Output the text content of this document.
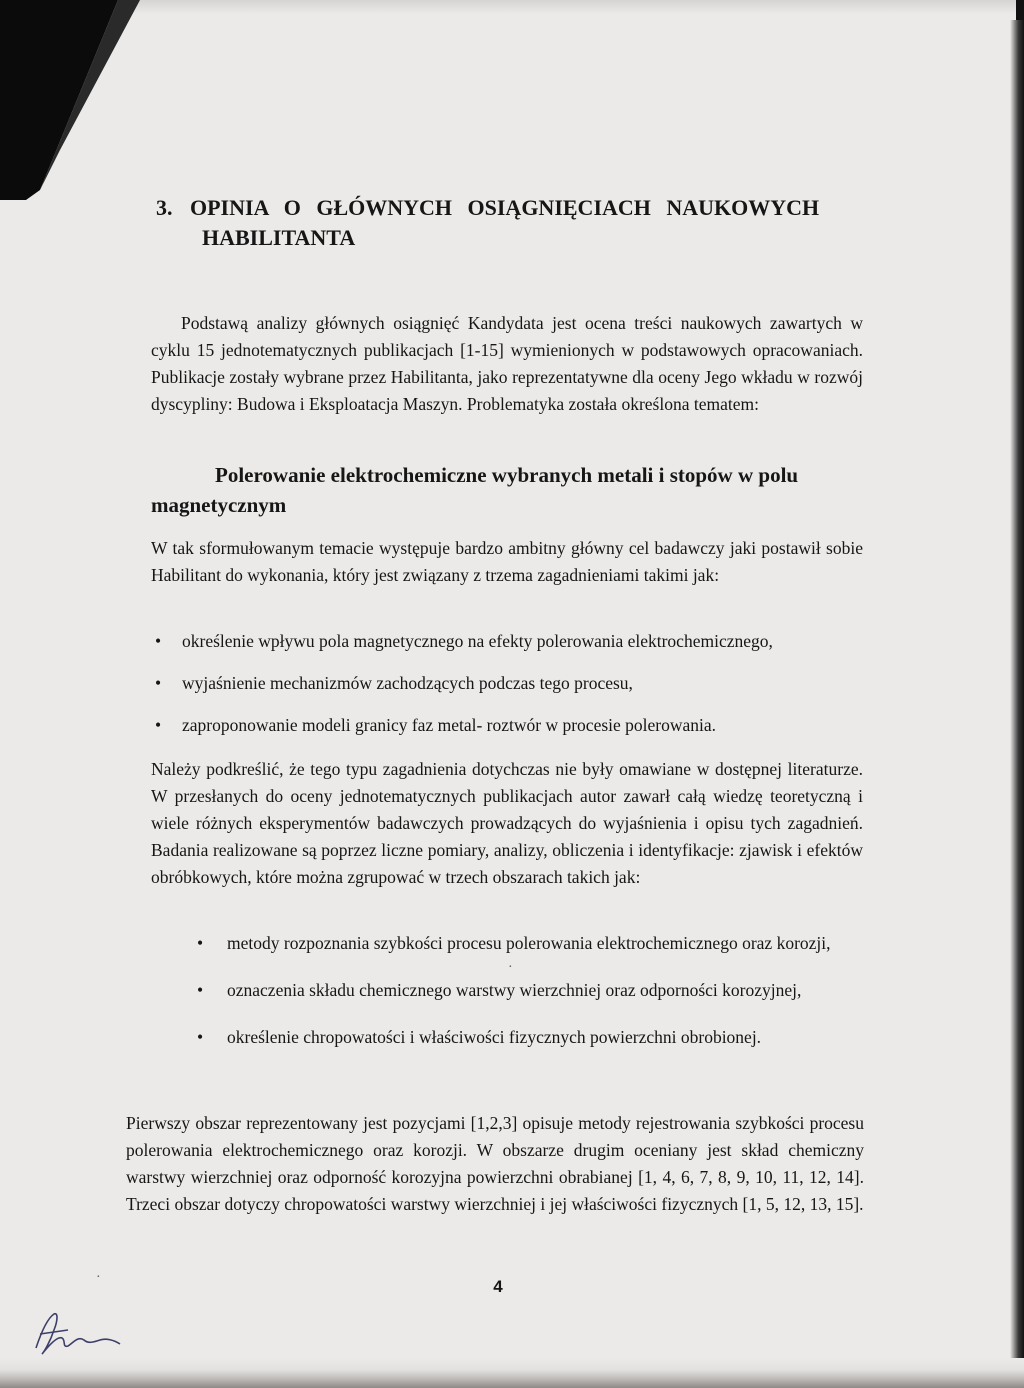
3. OPINIA O GŁÓWNYCH OSIĄGNIĘCIACH NAUKOWYCH
HABILITANTA

Podstawą analizy głównych osiągnięć Kandydata jest ocena treści naukowych zawartych w cyklu 15 jednotematycznych publikacjach [1-15] wymienionych w podstawowych opracowaniach. Publikacje zostały wybrane przez Habilitanta, jako reprezentatywne dla oceny Jego wkładu w rozwój dyscypliny: Budowa i Eksploatacja Maszyn. Problematyka została określona tematem:

Polerowanie elektrochemiczne wybranych metali i stopów w polu magnetycznym

W tak sformułowanym temacie występuje bardzo ambitny główny cel badawczy jaki postawił sobie Habilitant do wykonania, który jest związany z trzema zagadnieniami takimi jak:

• określenie wpływu pola magnetycznego na efekty polerowania elektrochemicznego,
• wyjaśnienie mechanizmów zachodzących podczas tego procesu,
• zaproponowanie modeli granicy faz metal- roztwór w procesie polerowania.

Należy podkreślić, że tego typu zagadnienia dotychczas nie były omawiane w dostępnej literaturze. W przesłanych do oceny jednotematycznych publikacjach autor zawarł całą wiedzę teoretyczną i wiele różnych eksperymentów badawczych prowadzących do wyjaśnienia i opisu tych zagadnień. Badania realizowane są poprzez liczne pomiary, analizy, obliczenia i identyfikacje: zjawisk i efektów obróbkowych, które można zgrupować w trzech obszarach takich jak:

• metody rozpoznania szybkości procesu polerowania elektrochemicznego oraz korozji,
• oznaczenia składu chemicznego warstwy wierzchniej oraz odporności korozyjnej,
• określenie chropowatości i właściwości fizycznych powierzchni obrobionej.

Pierwszy obszar reprezentowany jest pozycjami [1,2,3] opisuje metody rejestrowania szybkości procesu polerowania elektrochemicznego oraz korozji. W obszarze drugim oceniany jest skład chemiczny warstwy wierzchniej oraz odporność korozyjna powierzchni obrabianej [1, 4, 6, 7, 8, 9, 10, 11, 12, 14]. Trzeci obszar dotyczy chropowatości warstwy wierzchniej i jej właściwości fizycznych [1, 5, 12, 13, 15].

4
·
·
